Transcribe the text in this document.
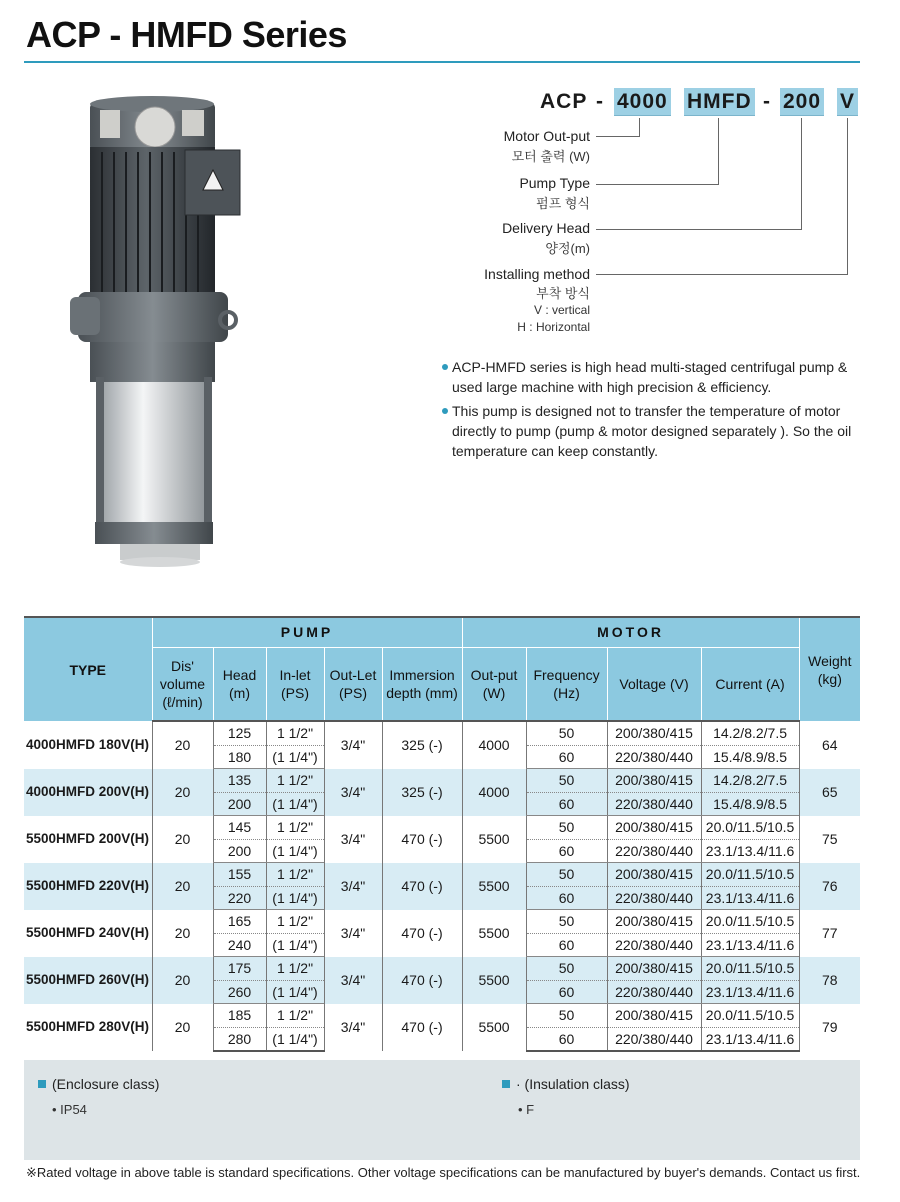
ACP - HMFD Series
ACP - 4000 HMFD - 200 V
Motor Out-put
모터 출력 (W)
Pump Type
펌프 형식
Delivery Head
양정(m)
Installing method
부착 방식
V : vertical
H : Horizontal

ACP-HMFD series is high head multi-staged centrifugal pump & used large machine with high precision & efficiency.

This pump is designed not to transfer the temperature of motor directly to pump (pump & motor designed separately ). So the oil temperature can keep constantly.

TYPE	PUMP					MOTOR				Weight (kg)
	Dis' volume (ℓ/min)	Head (m)	In-let (PS)	Out-Let (PS)	Immersion depth (mm)	Out-put (W)	Frequency (Hz)	Voltage (V)	Current (A)	
4000HMFD 180V(H)	20	125	1 1/2"	3/4"	325 (-)	4000	50	200/380/415	14.2/8.2/7.5	64
		180	(1 1/4")				60	220/380/440	15.4/8.9/8.5	
4000HMFD 200V(H)	20	135	1 1/2"	3/4"	325 (-)	4000	50	200/380/415	14.2/8.2/7.5	65
		200	(1 1/4")				60	220/380/440	15.4/8.9/8.5	
5500HMFD 200V(H)	20	145	1 1/2"	3/4"	470 (-)	5500	50	200/380/415	20.0/11.5/10.5	75
		200	(1 1/4")				60	220/380/440	23.1/13.4/11.6	
5500HMFD 220V(H)	20	155	1 1/2"	3/4"	470 (-)	5500	50	200/380/415	20.0/11.5/10.5	76
		220	(1 1/4")				60	220/380/440	23.1/13.4/11.6	
5500HMFD 240V(H)	20	165	1 1/2"	3/4"	470 (-)	5500	50	200/380/415	20.0/11.5/10.5	77
		240	(1 1/4")				60	220/380/440	23.1/13.4/11.6	
5500HMFD 260V(H)	20	175	1 1/2"	3/4"	470 (-)	5500	50	200/380/415	20.0/11.5/10.5	78
		260	(1 1/4")				60	220/380/440	23.1/13.4/11.6	
5500HMFD 280V(H)	20	185	1 1/2"	3/4"	470 (-)	5500	50	200/380/415	20.0/11.5/10.5	79
		280	(1 1/4")				60	220/380/440	23.1/13.4/11.6	
(Enclosure class)
• IP54
· (Insulation class)
• F
※Rated voltage in above table is standard specifications. Other voltage specifications can be manufactured by buyer's demands. Contact us first.
